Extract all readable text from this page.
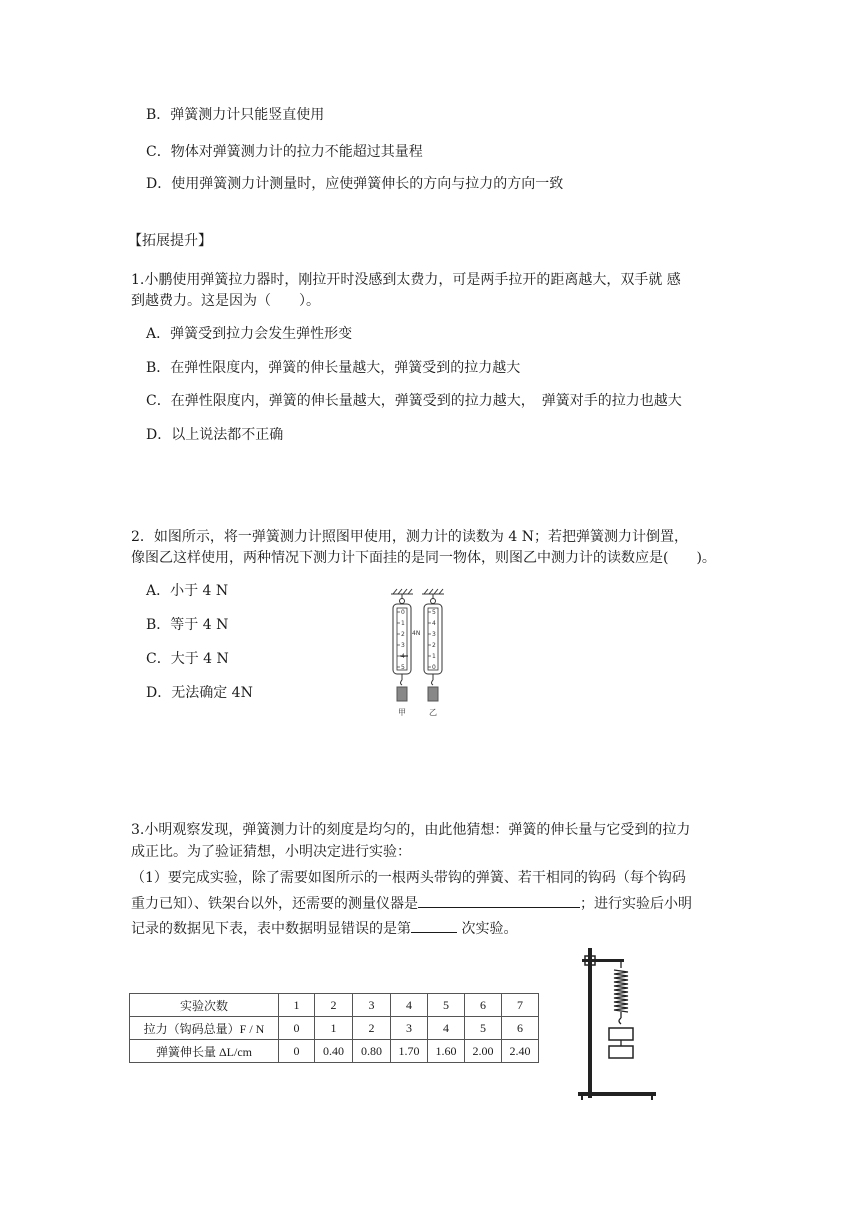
B．弹簧测力计只能竖直使用
C．物体对弹簧测力计的拉力不能超过其量程
D．使用弹簧测力计测量时，应使弹簧伸长的方向与拉力的方向一致
【拓展提升】
1.小鹏使用弹簧拉力器时，刚拉开时没感到太费力，可是两手拉开的距离越大，双手就 感
到越费力。这是因为（　　）。
A．弹簧受到拉力会发生弹性形变
B．在弹性限度内，弹簧的伸长量越大，弹簧受到的拉力越大
C．在弹性限度内，弹簧的伸长量越大，弹簧受到的拉力越大，　弹簧对手的拉力也越大
D．以上说法都不正确
2．如图所示，将一弹簧测力计照图甲使用，测力计的读数为 4 N；若把弹簧测力计倒置，
像图乙这样使用，两种情况下测力计下面挂的是同一物体，则图乙中测力计的读数应是(　　)。
A．小于 4 N
B．等于 4 N
C．大于 4 N
D．无法确定 4N
4N
0
1
2
3
4
5
5
4
3
2
1
0
甲	乙
3.小明观察发现，弹簧测力计的刻度是均匀的，由此他猜想：弹簧的伸长量与它受到的拉力
成正比。为了验证猜想，小明决定进行实验：
（1）要完成实验，除了需要如图所示的一根两头带钩的弹簧、若干相同的钩码（每个钩码
重力已知）、铁架台以外，还需要的测量仪器是	；进行实验后小明
记录的数据见下表，表中数据明显错误的是第	次实验。
实验次数	1	2	3	4	5	6	7
拉力（钩码总量）F / N	0	1	2	3	4	5	6
弹簧伸长量 ΔL/cm	0	0.40	0.80	1.70	1.60	2.00	2.40
